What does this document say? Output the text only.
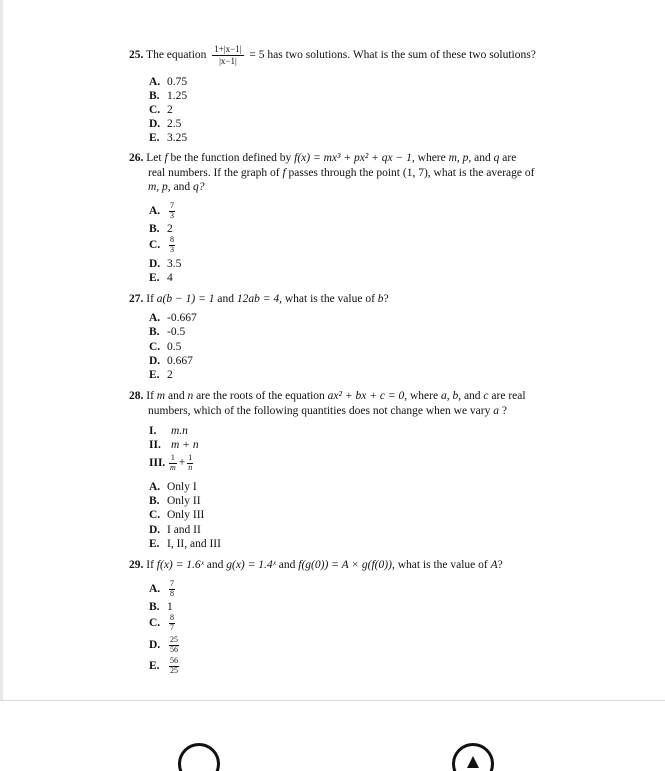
25. The equation $\frac{1+|x-1|}{|x-1|} = 5$ has two solutions. What is the sum of these two solutions?
A. 0.75
B. 1.25
C. 2
D. 2.5
E. 3.25
26. Let f be the function defined by f(x) = mx³ + px² + qx − 1, where m, p, and q are
real numbers. If the graph of f passes through the point (1, 7), what is the average of
m, p, and q?
A. $\frac{7}{3}$
B. 2
C. $\frac{8}{3}$
D. 3.5
E. 4
27. If a(b − 1) = 1 and 12ab = 4, what is the value of b?
A. -0.667
B. -0.5
C. 0.5
D. 0.667
E. 2
28. If m and n are the roots of the equation ax² + bx + c = 0, where a, b, and c are real
numbers, which of the following quantities does not change when we vary a ?
I. m.n
II. m + n
III. $\frac{1}{m} + \frac{1}{n}$
A. Only I
B. Only II
C. Only III
D. I and II
E. I, II, and III
29. If f(x) = 1.6ˣ and g(x) = 1.4ˣ and f(g(0)) = A × g(f(0)), what is the value of A?
A. $\frac{7}{8}$
B. 1
C. $\frac{8}{7}$
D. $\frac{25}{56}$
E. $\frac{56}{25}$
